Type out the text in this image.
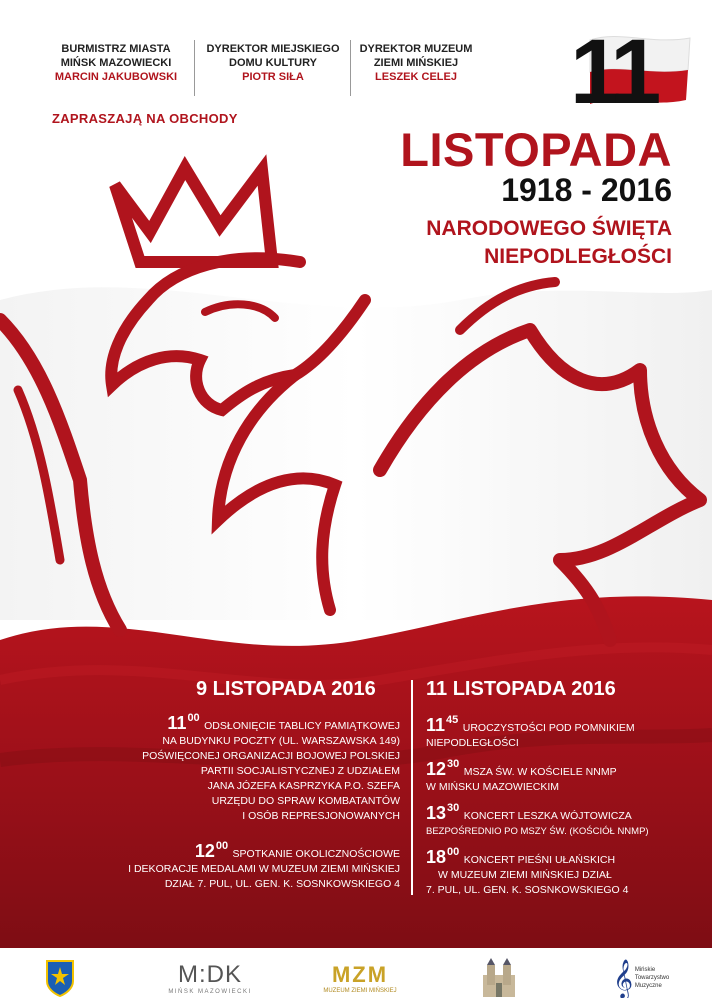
BURMISTRZ MIASTA
MIŃSK MAZOWIECKI
MARCIN JAKUBOWSKI
DYREKTOR MIEJSKIEGO
DOMU KULTURY
PIOTR SIŁA
DYREKTOR MUZEUM
ZIEMI MIŃSKIEJ
LESZEK CELEJ
ZAPRASZAJĄ NA OBCHODY	11
LISTOPADA
1918 - 2016
NARODOWEGO ŚWIĘTA
NIEPODLEGŁOŚCI
9 LISTOPADA 2016
$11^{00}$ ODSŁONIĘCIE TABLICY PAMIĄTKOWEJ
NA BUDYNKU POCZTY (UL. WARSZAWSKA 149)
POŚWIĘCONEJ ORGANIZACJI BOJOWEJ POLSKIEJ
PARTII SOCJALISTYCZNEJ Z UDZIAŁEM
JANA JÓZEFA KASPRZYKA P.O. SZEFA
URZĘDU DO SPRAW KOMBATANTÓW
I OSÓB REPRESJONOWANYCH
$12^{00}$ SPOTKANIE OKOLICZNOŚCIOWE
I DEKORACJE MEDALAMI W MUZEUM ZIEMI MIŃSKIEJ
DZIAŁ 7. PUL, UL. GEN. K. SOSNKOWSKIEGO 4
11 LISTOPADA 2016
$11^{45}$ UROCZYSTOŚCI POD POMNIKIEM
NIEPODLEGŁOŚCI
$12^{30}$ MSZA ŚW. W KOŚCIELE NNMP
W MIŃSKU MAZOWIECKIM
$13^{30}$ KONCERT LESZKA WÓJTOWICZA
BEZPOŚREDNIO PO MSZY ŚW. (KOŚCIÓŁ NNMP)
$18^{00}$ KONCERT PIEŚNI UŁAŃSKICH
W MUZEUM ZIEMI MIŃSKIEJ DZIAŁ
7. PUL, UL. GEN. K. SOSNKOWSKIEGO 4
M:DK
MIŃSK MAZOWIECKI
MZM
MUZEUM ZIEMI MIŃSKIEJ	𝄞 Mińskie
Towarzystwo
Muzyczne
